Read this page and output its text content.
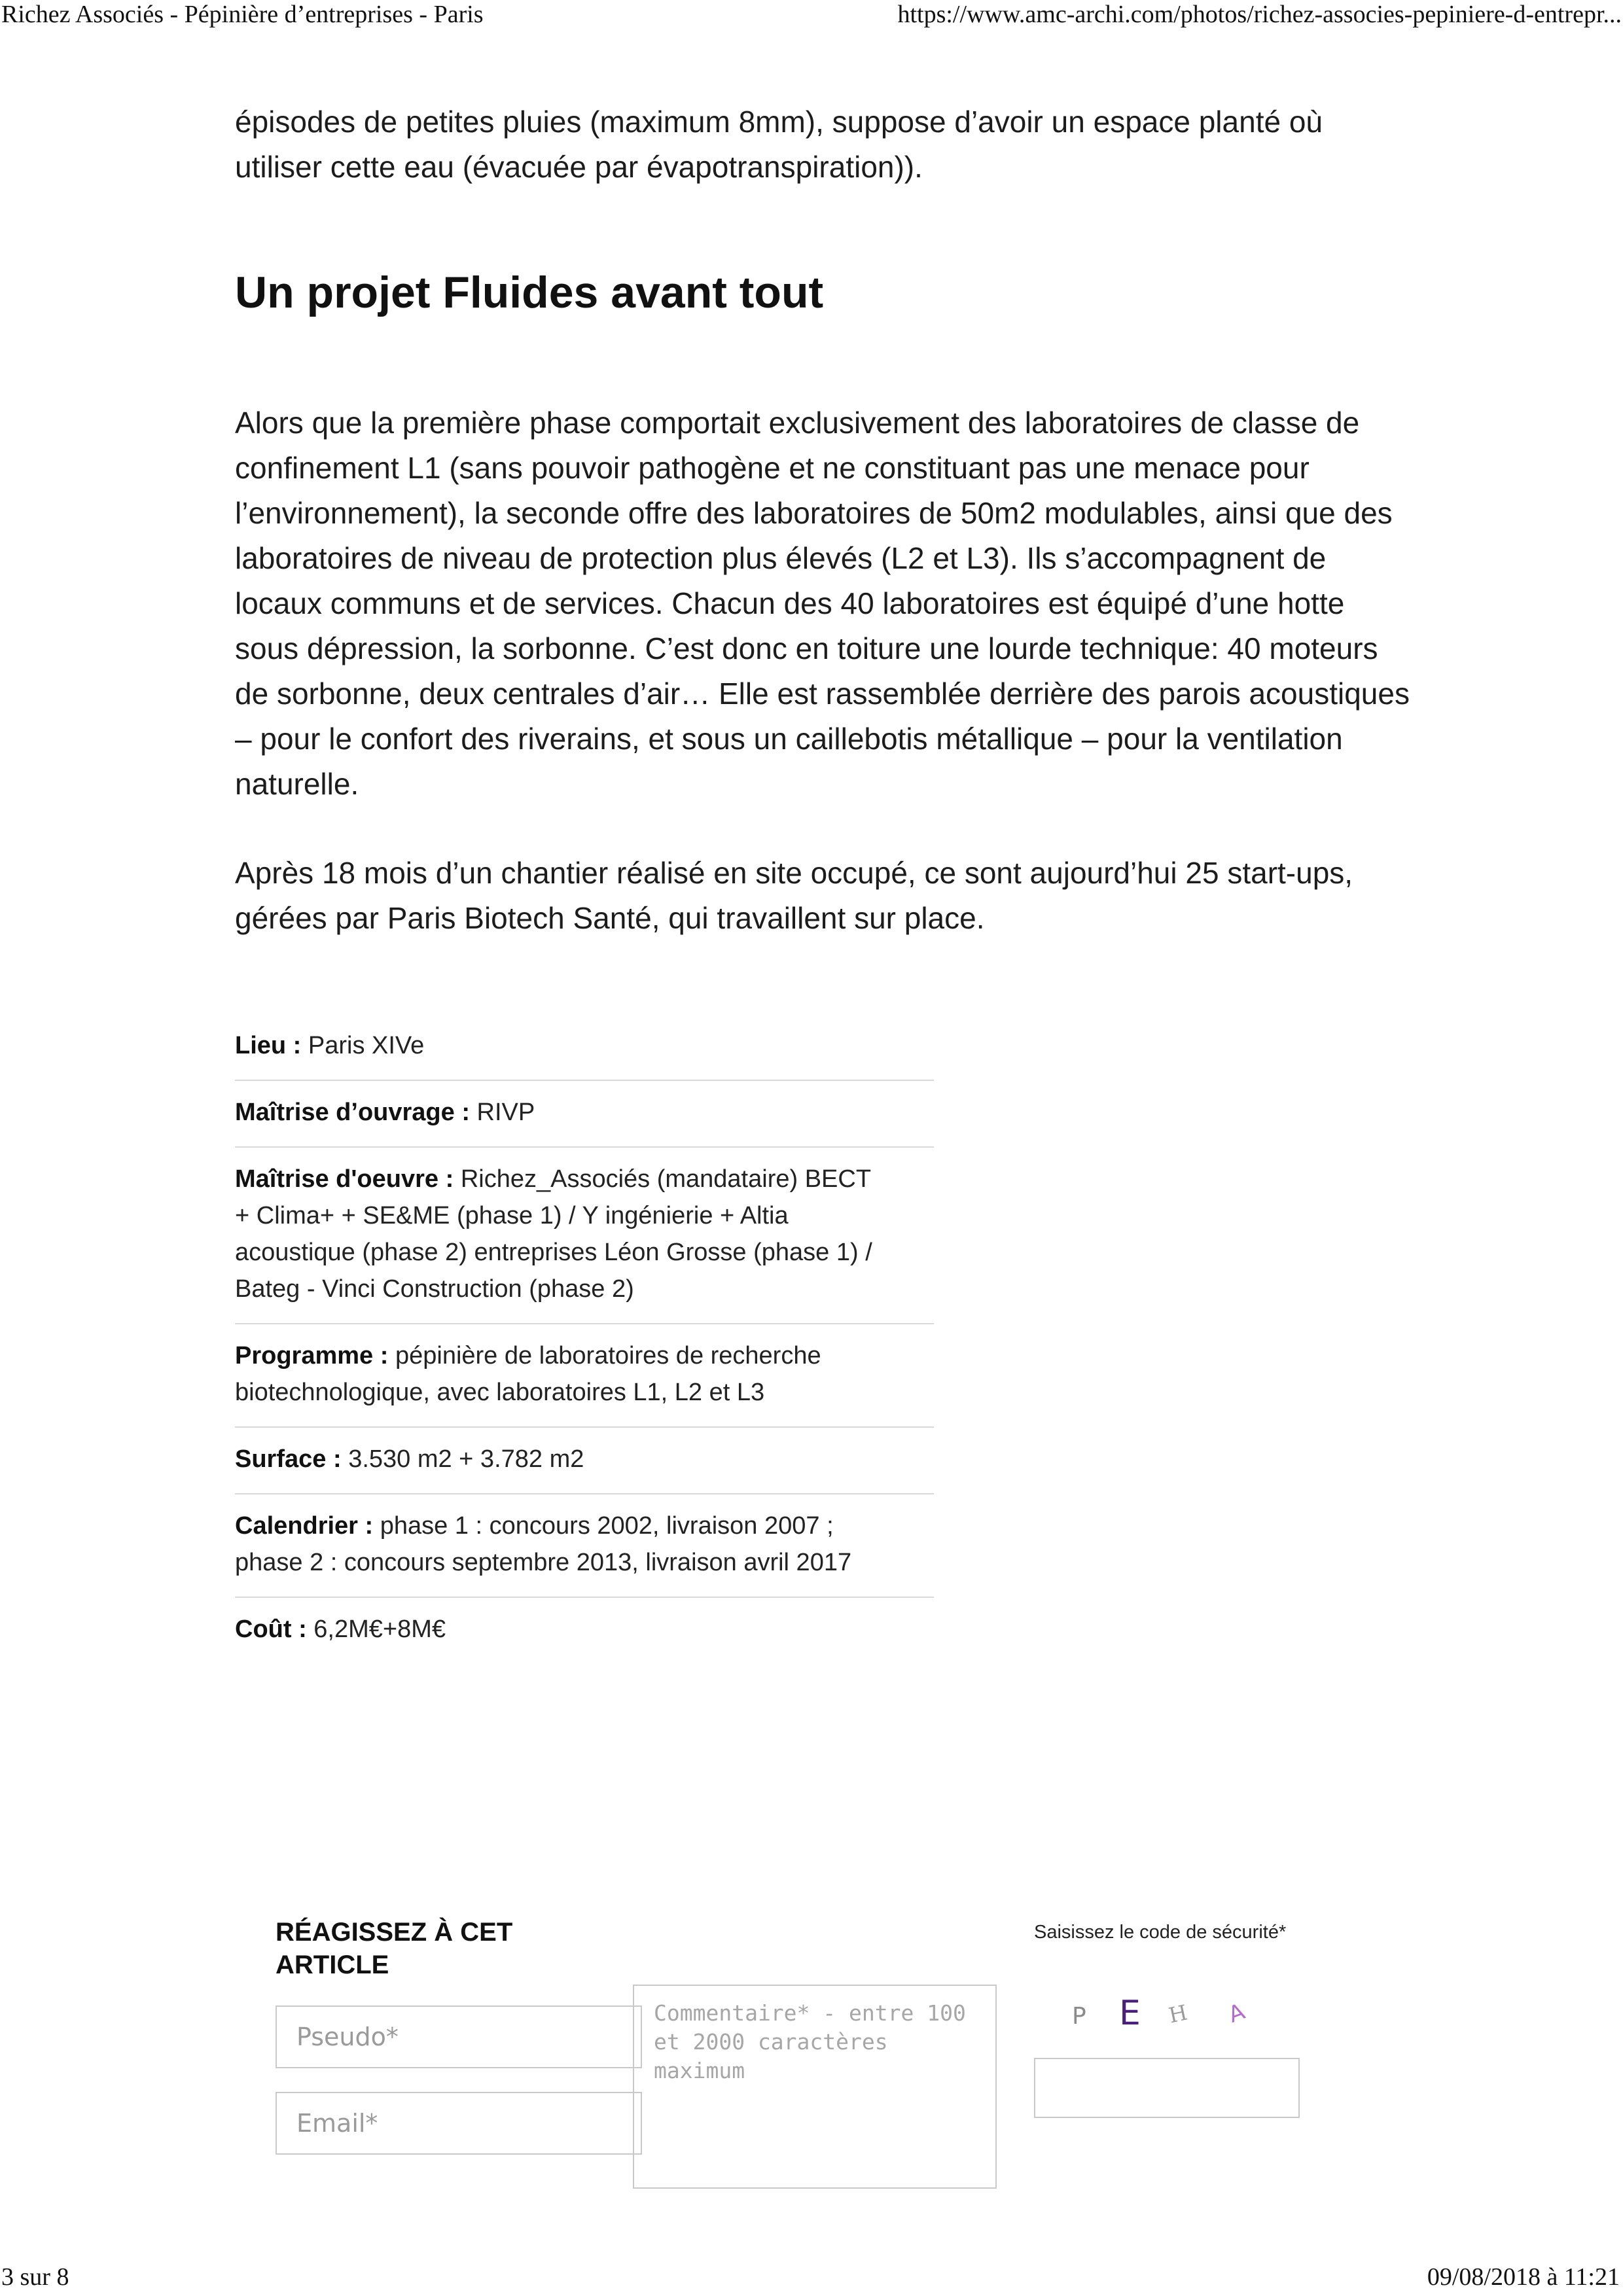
Richez Associés - Pépinière d’entreprises - Paris	https://www.amc-archi.com/photos/richez-associes-pepiniere-d-entrepr...
3 sur 8	09/08/2018 à 11:21
épisodes de petites pluies (maximum 8mm), suppose d’avoir un espace planté où
utiliser cette eau (évacuée par évapotranspiration)).
Un projet Fluides avant tout
Alors que la première phase comportait exclusivement des laboratoires de classe de
confinement L1 (sans pouvoir pathogène et ne constituant pas une menace pour
l’environnement), la seconde offre des laboratoires de 50m2 modulables, ainsi que des
laboratoires de niveau de protection plus élevés (L2 et L3). Ils s’accompagnent de
locaux communs et de services. Chacun des 40 laboratoires est équipé d’une hotte
sous dépression, la sorbonne. C’est donc en toiture une lourde technique: 40 moteurs
de sorbonne, deux centrales d’air… Elle est rassemblée derrière des parois acoustiques
– pour le confort des riverains, et sous un caillebotis métallique – pour la ventilation
naturelle.
Après 18 mois d’un chantier réalisé en site occupé, ce sont aujourd’hui 25 start-ups,
gérées par Paris Biotech Santé, qui travaillent sur place.
Lieu : Paris XIVe
Maîtrise d’ouvrage : RIVP
Maîtrise d'oeuvre : Richez_Associés (mandataire) BECT
+ Clima+ + SE&ME (phase 1) / Y ingénierie + Altia
acoustique (phase 2) entreprises Léon Grosse (phase 1) /
Bateg - Vinci Construction (phase 2)
Programme : pépinière de laboratoires de recherche
biotechnologique, avec laboratoires L1, L2 et L3
Surface : 3.530 m2 + 3.782 m2
Calendrier : phase 1 : concours 2002, livraison 2007 ;
phase 2 : concours septembre 2013, livraison avril 2017
Coût : 6,2M€+8M€
RÉAGISSEZ À CET ARTICLE
Pseudo*
Email*
Commentaire* - entre 100 et 2000 caractères maximum
Saisissez le code de sécurité*
P E H A
